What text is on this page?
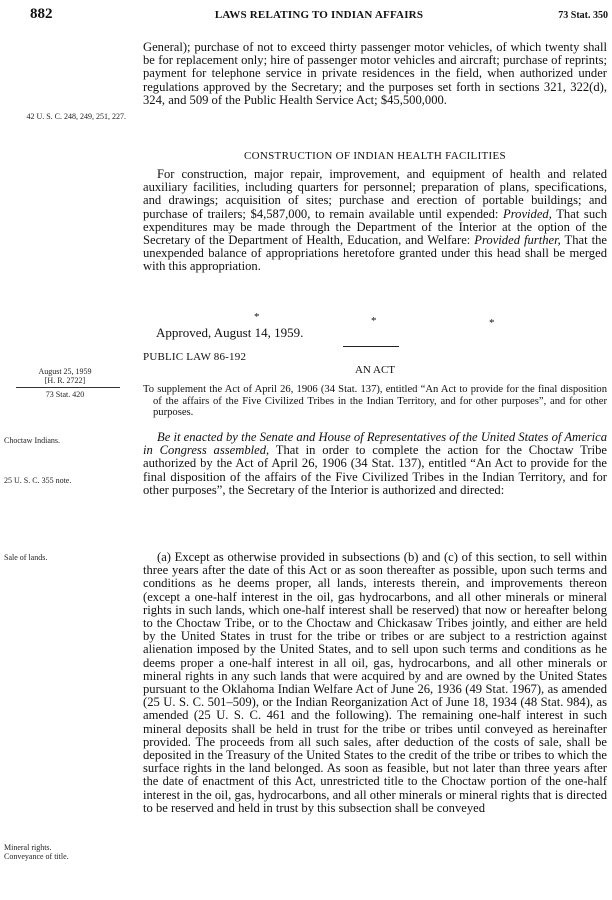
882	LAWS RELATING TO INDIAN AFFAIRS	73 Stat. 350
42 U. S. C. 248, 249, 251, 227.
August 25, 1959
[H. R. 2722]
73 Stat. 420
Choctaw Indians.
25 U. S. C. 355 note.
Sale of lands.
Mineral rights.
Conveyance of title.

General); purchase of not to exceed thirty passenger motor vehicles, of which twenty shall be for replacement only; hire of passenger motor vehicles and aircraft; purchase of reprints; payment for telephone service in private residences in the field, when authorized under regulations approved by the Secretary; and the purposes set forth in sections 321, 322(d), 324, and 509 of the Public Health Service Act; $45,500,000.

CONSTRUCTION OF INDIAN HEALTH FACILITIES

For construction, major repair, improvement, and equipment of health and related auxiliary facilities, including quarters for personnel; preparation of plans, specifications, and drawings; acquisition of sites; purchase and erection of portable buildings; and purchase of trailers; $4,587,000, to remain available until expended: Provided, That such expenditures may be made through the Department of the Interior at the option of the Secretary of the Department of Health, Education, and Welfare: Provided further, That the unexpended balance of appropriations heretofore granted under this head shall be merged with this appropriation.

*	*	*
Approved, August 14, 1959.
PUBLIC LAW 86-192
AN ACT

To supplement the Act of April 26, 1906 (34 Stat. 137), entitled “An Act to provide for the final disposition of the affairs of the Five Civilized Tribes in the Indian Territory, and for other purposes”, and for other purposes.

Be it enacted by the Senate and House of Representatives of the United States of America in Congress assembled, That in order to complete the action for the Choctaw Tribe authorized by the Act of April 26, 1906 (34 Stat. 137), entitled “An Act to provide for the final disposition of the affairs of the Five Civilized Tribes in the Indian Territory, and for other purposes”, the Secretary of the Interior is authorized and directed:

(a) Except as otherwise provided in subsections (b) and (c) of this section, to sell within three years after the date of this Act or as soon thereafter as possible, upon such terms and conditions as he deems proper, all lands, interests therein, and improvements thereon (except a one-half interest in the oil, gas hydrocarbons, and all other minerals or mineral rights in such lands, which one-half interest shall be reserved) that now or hereafter belong to the Choctaw Tribe, or to the Choctaw and Chickasaw Tribes jointly, and either are held by the United States in trust for the tribe or tribes or are subject to a restriction against alienation imposed by the United States, and to sell upon such terms and conditions as he deems proper a one-half interest in all oil, gas, hydrocarbons, and all other minerals or mineral rights in any such lands that were acquired by and are owned by the United States pursuant to the Oklahoma Indian Welfare Act of June 26, 1936 (49 Stat. 1967), as amended (25 U. S. C. 501–509), or the Indian Reorganization Act of June 18, 1934 (48 Stat. 984), as amended (25 U. S. C. 461 and the following). The remaining one-half interest in such mineral deposits shall be held in trust for the tribe or tribes until conveyed as hereinafter provided. The proceeds from all such sales, after deduction of the costs of sale, shall be deposited in the Treasury of the United States to the credit of the tribe or tribes to which the surface rights in the land belonged. As soon as feasible, but not later than three years after the date of enactment of this Act, unrestricted title to the Choctaw portion of the one-half interest in the oil, gas, hydrocarbons, and all other minerals or mineral rights that is directed to be reserved and held in trust by this subsection shall be conveyed
